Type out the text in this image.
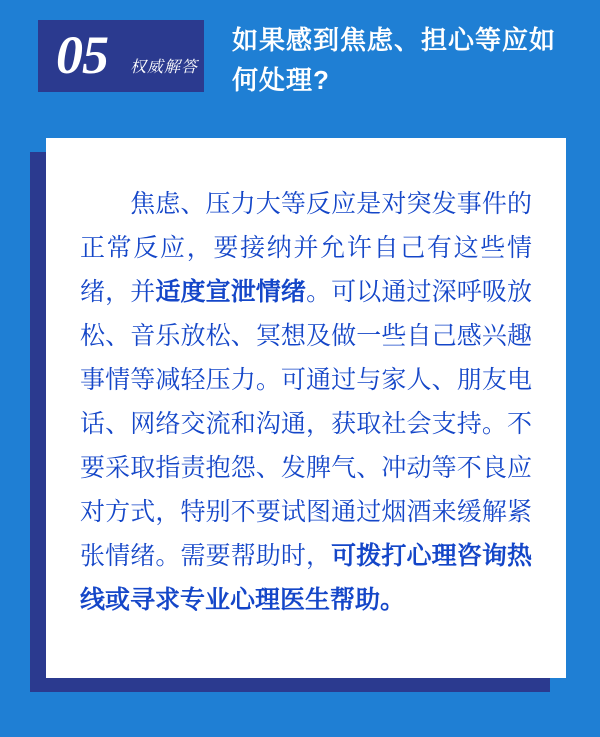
05 权威解答
如果感到焦虑、担心等应如何处理?
焦虑、压力大等反应是对突发事件的正常反应，要接纳并允许自己有这些情绪，并适度宣泄情绪。可以通过深呼吸放松、音乐放松、冥想及做一些自己感兴趣事情等减轻压力。可通过与家人、朋友电话、网络交流和沟通，获取社会支持。不要采取指责抱怨、发脾气、冲动等不良应对方式，特别不要试图通过烟酒来缓解紧张情绪。需要帮助时，可拨打心理咨询热线或寻求专业心理医生帮助。
